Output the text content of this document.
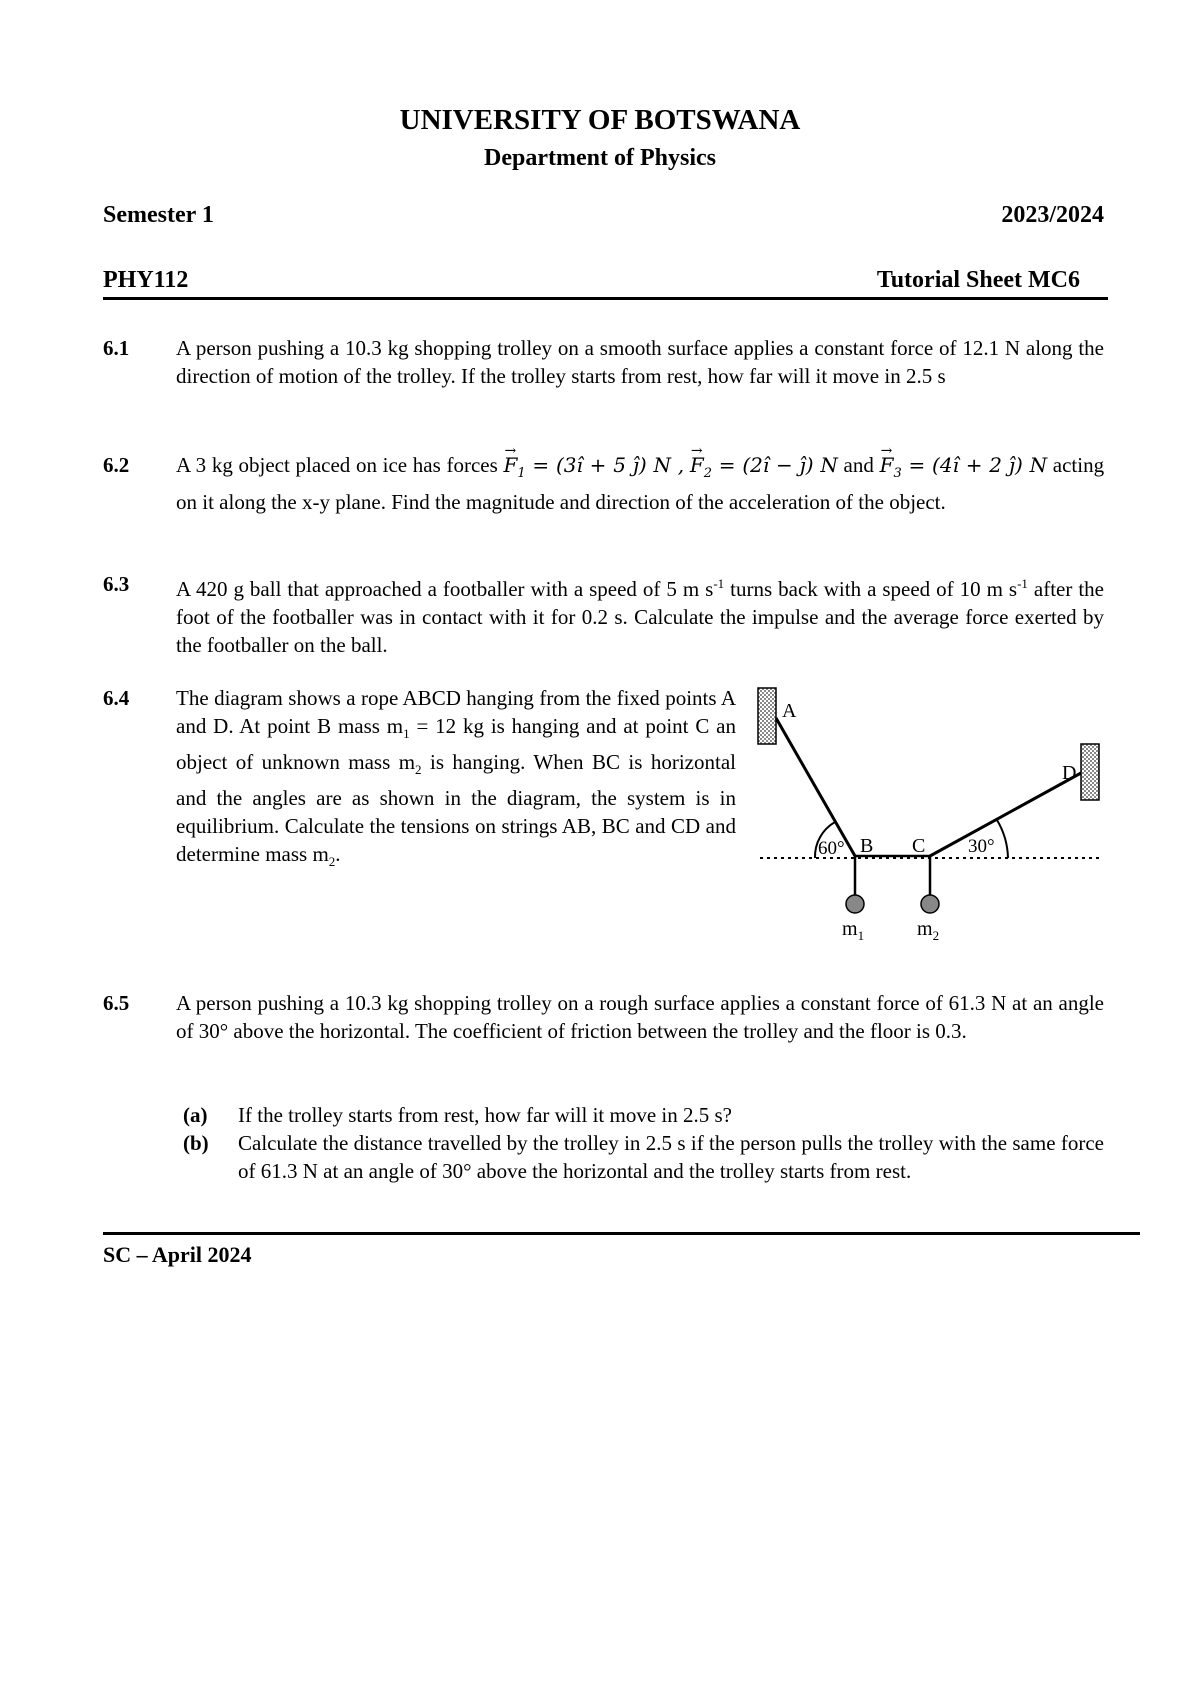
UNIVERSITY OF BOTSWANA
Department of Physics
Semester 1	2023/2024
PHY112	Tutorial Sheet MC6
6.1 A person pushing a 10.3 kg shopping trolley on a smooth surface applies a constant force of 12.1 N along the direction of motion of the trolley. If the trolley starts from rest, how far will it move in 2.5 s
6.2 A 3 kg object placed on ice has forces → $F_1$ = (3î + 5 ĵ) N , → $F_2$ = (2î − ĵ) N and → $F_3$ = (4î + 2 ĵ) N acting on it along the x-y plane. Find the magnitude and direction of the acceleration of the object.
6.3 A 420 g ball that approached a footballer with a speed of 5 m $s^{-1}$ turns back with a speed of 10 m $s^{-1}$ after the foot of the footballer was in contact with it for 0.2 s. Calculate the impulse and the average force exerted by the footballer on the ball.
6.4 The diagram shows a rope ABCD hanging from the fixed points A and D. At point B mass $m_1 = 12$ kg is hanging and at point C an object of unknown mass $m_2$ is hanging. When BC is horizontal and the angles are as shown in the diagram, the system is in equilibrium. Calculate the tensions on strings AB, BC and CD and determine mass $m_2$.
A
D
B C
60°	30°
$m_1$	$m_2$
6.5 A person pushing a 10.3 kg shopping trolley on a rough surface applies a constant force of 61.3 N at an angle of 30° above the horizontal. The coefficient of friction between the trolley and the floor is 0.3.
(a) If the trolley starts from rest, how far will it move in 2.5 s?
(b) Calculate the distance travelled by the trolley in 2.5 s if the person pulls the trolley with the same force of 61.3 N at an angle of 30° above the horizontal and the trolley starts from rest.
SC – April 2024
